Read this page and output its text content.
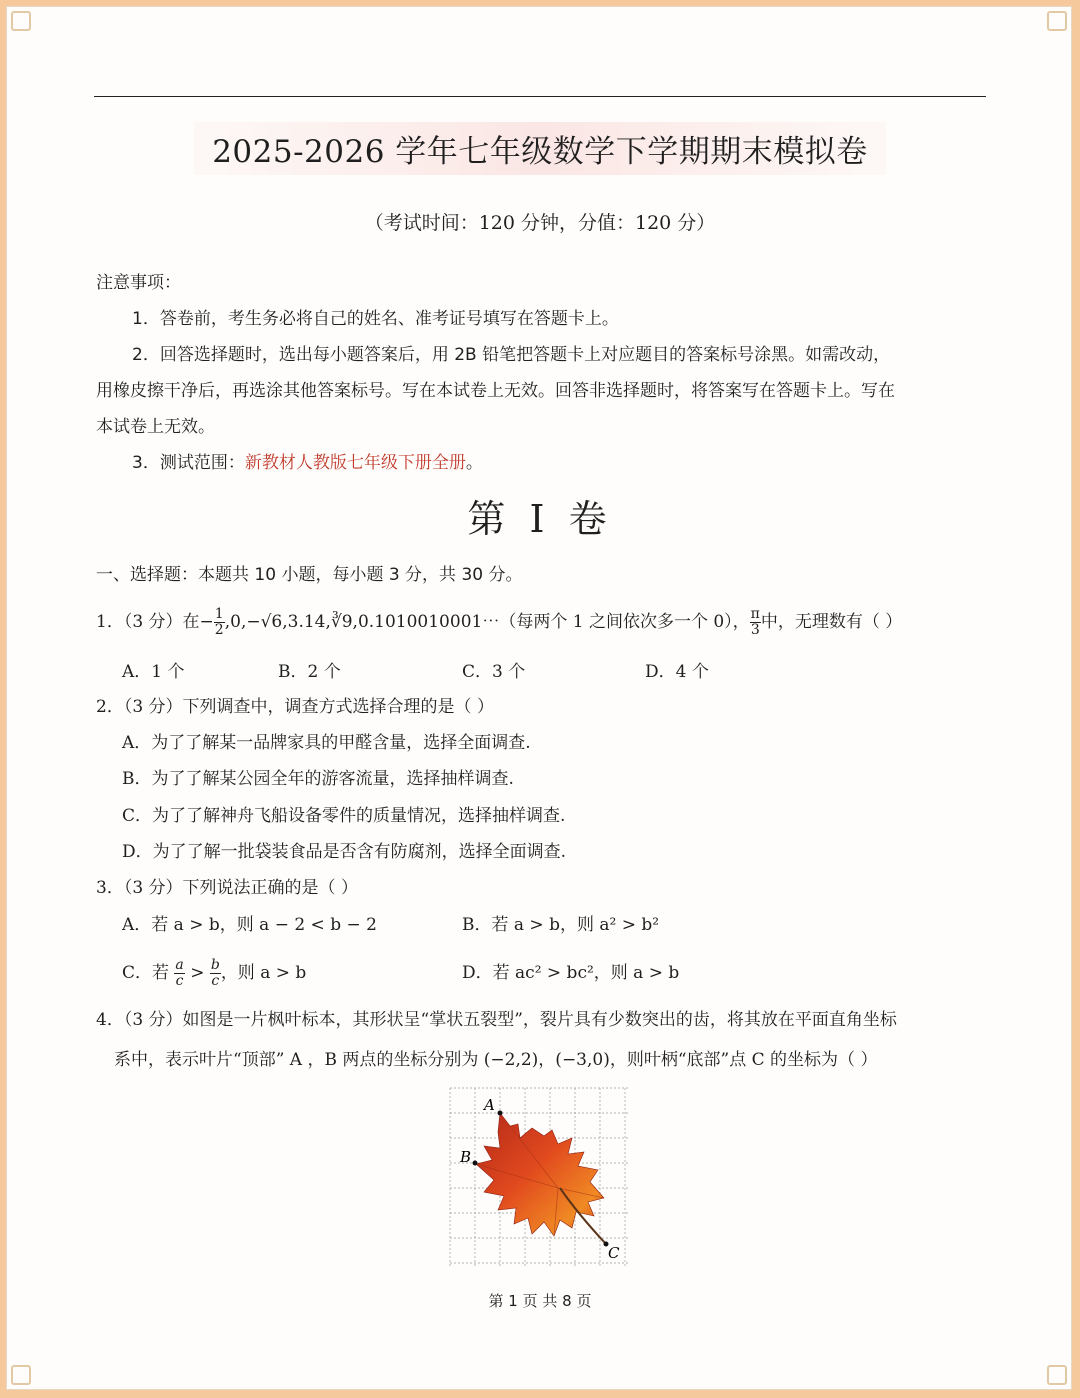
2025-2026 学年七年级数学下学期期末模拟卷
（考试时间：120 分钟，分值：120 分）
注意事项：
1．答卷前，考生务必将自己的姓名、准考证号填写在答题卡上。
2．回答选择题时，选出每小题答案后，用 2B 铅笔把答题卡上对应题目的答案标号涂黑。如需改动，
用橡皮擦干净后，再选涂其他答案标号。写在本试卷上无效。回答非选择题时，将答案写在答题卡上。写在
本试卷上无效。
3．测试范围：新教材人教版七年级下册全册。
第 I 卷
一、选择题：本题共 10 小题，每小题 3 分，共 30 分。
1．（3 分）在− $\frac{1}{2}$ ,0,−√6,3.14,∛9,0.1010010001⋯（每两个 1 之间依次多一个 0）， $\frac{\pi}{3}$ 中，无理数有（ ）
A．1 个	B．2 个	C．3 个	D．4 个
2．（3 分）下列调查中，调查方式选择合理的是（ ）
A．为了了解某一品牌家具的甲醛含量，选择全面调查.
B．为了了解某公园全年的游客流量，选择抽样调查.
C．为了了解神舟飞船设备零件的质量情况，选择抽样调查.
D．为了了解一批袋装食品是否含有防腐剂，选择全面调查.
3．（3 分）下列说法正确的是（ ）
A．若 a > b，则 a − 2 < b − 2	B．若 a > b，则 a² > b²
C．若 $\frac{a}{c} > \frac{b}{c}$ ，则 a > b	D．若 ac² > bc²，则 a > b
4．（3 分）如图是一片枫叶标本，其形状呈“掌状五裂型”，裂片具有少数突出的齿，将其放在平面直角坐标
系中，表示叶片“顶部” A ，B 两点的坐标分别为 (−2,2)，(−3,0)，则叶柄“底部”点 C 的坐标为（ ）
A
B
C
第 1 页 共 8 页
